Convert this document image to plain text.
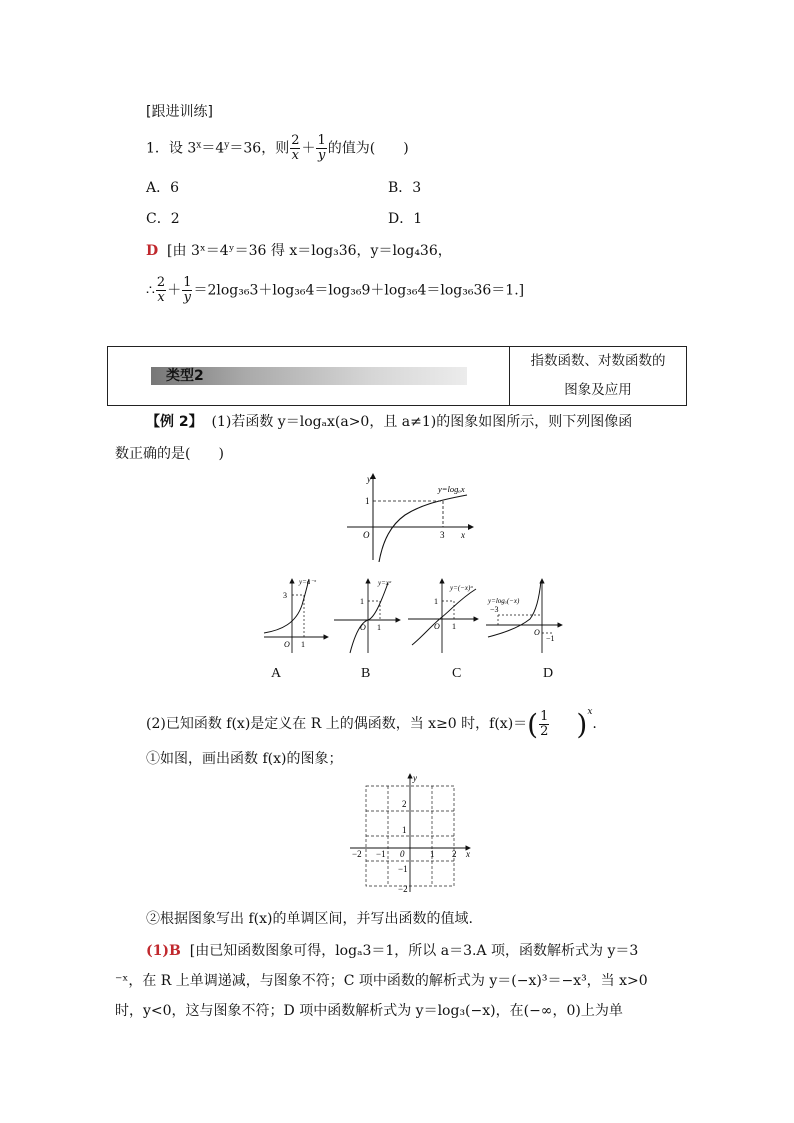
[跟进训练]
1．设 $3^x=4^y=36$，则 $\frac{2}{x} + \frac{1}{y}$ 的值为(　　)
A．6	B．3
C．2	D．1
D [由 3ˣ＝4ʸ＝36 得 x＝log₃36，y＝log₄36，
∴ $\frac{2}{x} + \frac{1}{y} =2\log_{36}3+\log_{36}4=\log_{36}9+\log_{36}4=\log_{36}36=1$.]
类型2
指数函数、对数函数的
图象及应用
【例 2】 (1)若函数 y＝logₐx(a>0，且 a≠1)的图象如图所示，则下列图像函
数正确的是(　　)
y
x
O
1
3
y=logₐx
3
1
O
y=a⁻ˣ
1
1
O
y=xᵃ
1
1
O
y=(−x)ᵃ
−3
−1
O
y=logₐ(−x)
A	B	C	D
(2)已知函数 f(x)是定义在 R 上的偶函数，当 x≥0 时，$f(x)=( \frac{1}{2} )^x$.
①如图，画出函数 f(x)的图象；
y
x
0
2
1
−1
−2
−2 −1	1 2
②根据图象写出 f(x)的单调区间，并写出函数的值域.
(1)B [由已知函数图象可得，logₐ3＝1，所以 a＝3.A 项，函数解析式为 y＝3
⁻ˣ，在 R 上单调递减，与图象不符；C 项中函数的解析式为 y＝(−x)³＝−x³，当 x>0
时，y<0，这与图象不符；D 项中函数解析式为 y＝log₃(−x)，在(−∞，0)上为单
